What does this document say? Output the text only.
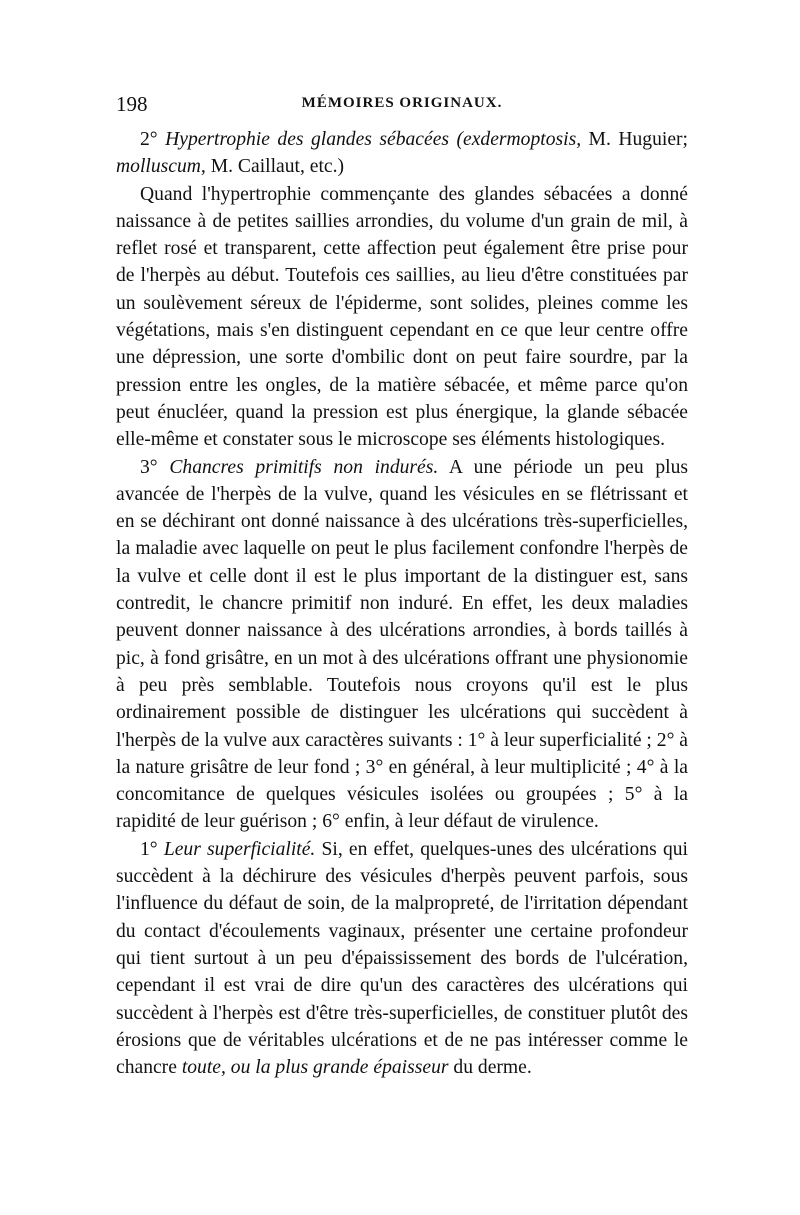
198	MÉMOIRES ORIGINAUX.

2° Hypertrophie des glandes sébacées (exdermoptosis, M. Huguier; molluscum, M. Caillaut, etc.)

Quand l'hypertrophie commençante des glandes sébacées a donné naissance à de petites saillies arrondies, du volume d'un grain de mil, à reflet rosé et transparent, cette affection peut également être prise pour de l'herpès au début. Toutefois ces saillies, au lieu d'être constituées par un soulèvement séreux de l'épiderme, sont solides, pleines comme les végétations, mais s'en distinguent cependant en ce que leur centre offre une dépression, une sorte d'ombilic dont on peut faire sourdre, par la pression entre les ongles, de la matière sébacée, et même parce qu'on peut énucléer, quand la pression est plus énergique, la glande sébacée elle-même et constater sous le microscope ses éléments histologiques.

3° Chancres primitifs non indurés. A une période un peu plus avancée de l'herpès de la vulve, quand les vésicules en se flétrissant et en se déchirant ont donné naissance à des ulcérations très-superficielles, la maladie avec laquelle on peut le plus facilement confondre l'herpès de la vulve et celle dont il est le plus important de la distinguer est, sans contredit, le chancre primitif non induré. En effet, les deux maladies peuvent donner naissance à des ulcérations arrondies, à bords taillés à pic, à fond grisâtre, en un mot à des ulcérations offrant une physionomie à peu près semblable. Toutefois nous croyons qu'il est le plus ordinairement possible de distinguer les ulcérations qui succèdent à l'herpès de la vulve aux caractères suivants : 1° à leur superficialité ; 2° à la nature grisâtre de leur fond ; 3° en général, à leur multiplicité ; 4° à la concomitance de quelques vésicules isolées ou groupées ; 5° à la rapidité de leur guérison ; 6° enfin, à leur défaut de virulence.

1° Leur superficialité. Si, en effet, quelques-unes des ulcérations qui succèdent à la déchirure des vésicules d'herpès peuvent parfois, sous l'influence du défaut de soin, de la malpropreté, de l'irritation dépendant du contact d'écoulements vaginaux, présenter une certaine profondeur qui tient surtout à un peu d'épaississement des bords de l'ulcération, cependant il est vrai de dire qu'un des caractères des ulcérations qui succèdent à l'herpès est d'être très-superficielles, de constituer plutôt des érosions que de véritables ulcérations et de ne pas intéresser comme le chancre toute, ou la plus grande épaisseur du derme.
